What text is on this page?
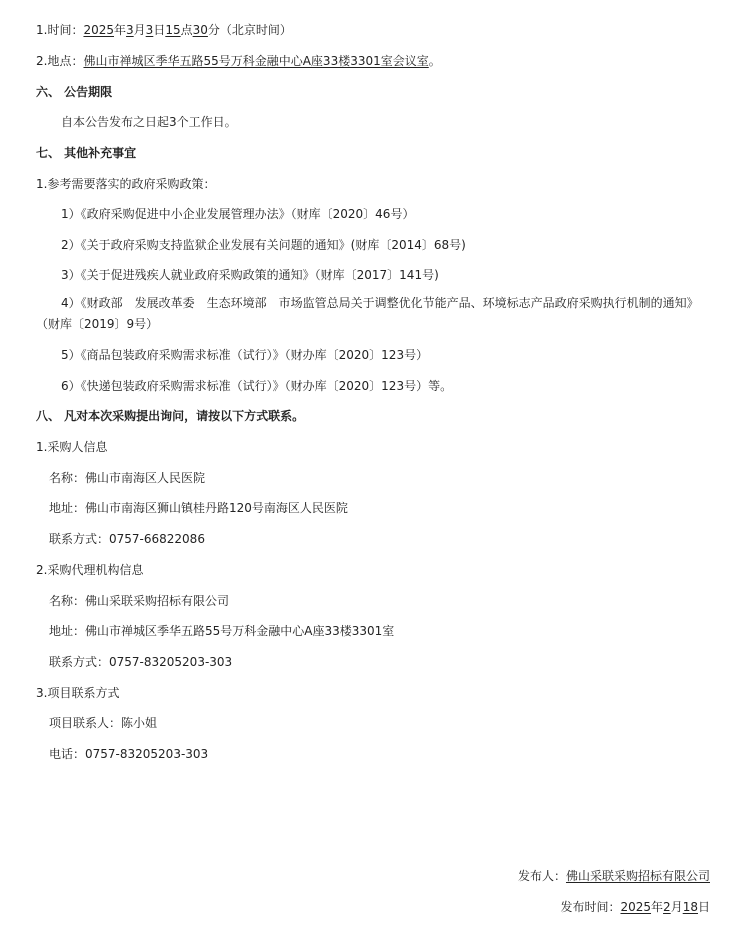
1.时间：2025年3月3日15点30分（北京时间）
2.地点：佛山市禅城区季华五路55号万科金融中心A座33楼3301室会议室。
六、 公告期限
自本公告发布之日起3个工作日。
七、 其他补充事宜
1.参考需要落实的政府采购政策：
1）《政府采购促进中小企业发展管理办法》（财库〔2020〕46号）
2）《关于政府采购支持监狱企业发展有关问题的通知》(财库〔2014〕68号)
3）《关于促进残疾人就业政府采购政策的通知》（财库〔2017〕141号)
4）《财政部　发展改革委　生态环境部　市场监管总局关于调整优化节能产品、环境标志产品政府采购执行机制的通知》（财库〔2019〕9号）
5）《商品包装政府采购需求标准（试行）》（财办库〔2020〕123号）
6）《快递包装政府采购需求标准（试行）》（财办库〔2020〕123号）等。
八、 凡对本次采购提出询问，请按以下方式联系。
1.采购人信息
名称：佛山市南海区人民医院
地址：佛山市南海区狮山镇桂丹路120号南海区人民医院
联系方式：0757-66822086
2.采购代理机构信息
名称：佛山采联采购招标有限公司
地址：佛山市禅城区季华五路55号万科金融中心A座33楼3301室
联系方式：0757-83205203-303
3.项目联系方式
项目联系人：陈小姐
电话：0757-83205203-303
发布人：佛山采联采购招标有限公司
发布时间：2025年2月18日
